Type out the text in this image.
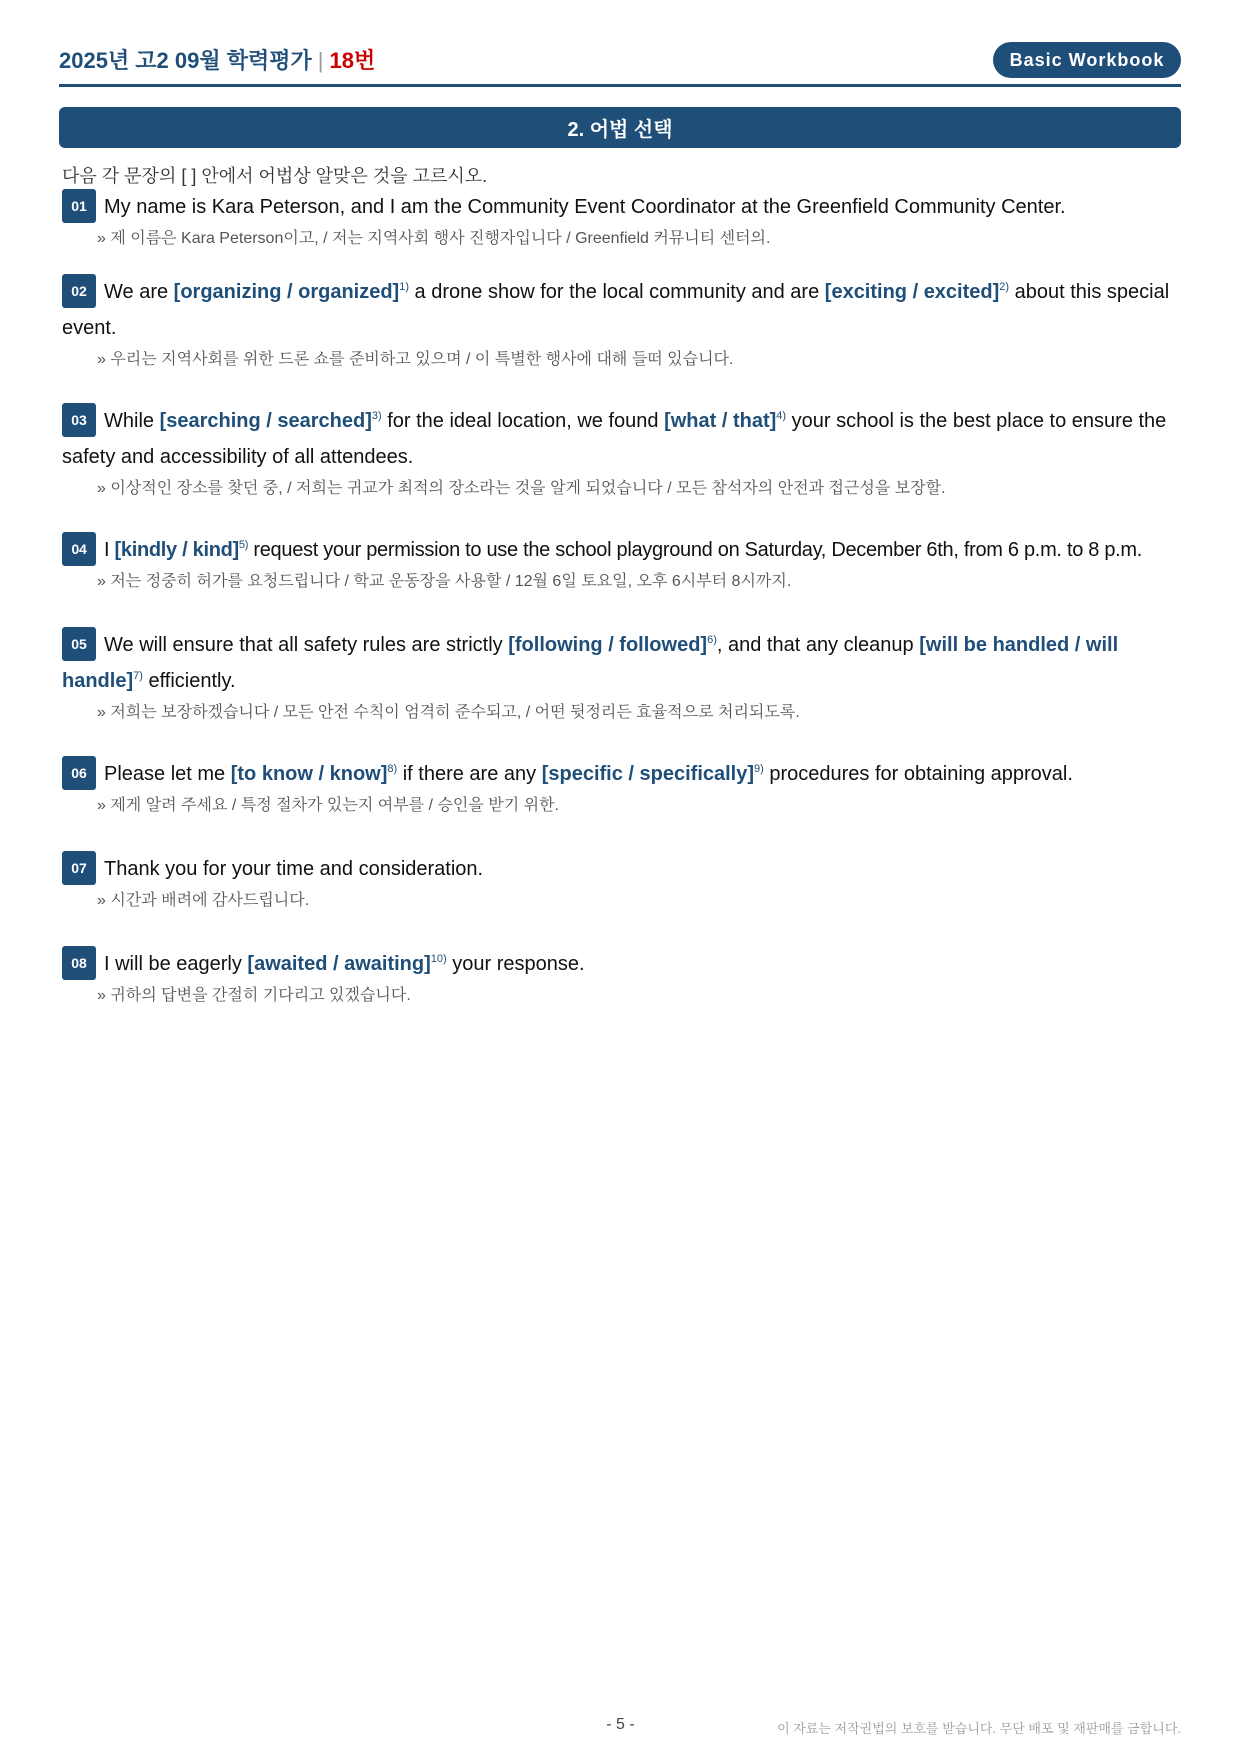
2025년 고2 09월 학력평가 | 18번	Basic Workbook
2. 어법 선택
다음 각 문장의 [ ] 안에서 어법상 알맞은 것을 고르시오.
01 My name is Kara Peterson, and I am the Community Event Coordinator at the Greenfield Community Center.
» 제 이름은 Kara Peterson이고, / 저는 지역사회 행사 진행자입니다 / Greenfield 커뮤니티 센터의.
02 We are [organizing / organized]$^{1)}$ a drone show for the local community and are [exciting / excited]$^{2)}$ about this special event.
» 우리는 지역사회를 위한 드론 쇼를 준비하고 있으며 / 이 특별한 행사에 대해 들떠 있습니다.
03 While [searching / searched]$^{3)}$ for the ideal location, we found [what / that]$^{4)}$ your school is the best place to ensure the safety and accessibility of all attendees.
» 이상적인 장소를 찾던 중, / 저희는 귀교가 최적의 장소라는 것을 알게 되었습니다 / 모든 참석자의 안전과 접근성을 보장할.
04 I [kindly / kind]$^{5)}$ request your permission to use the school playground on Saturday, December 6th, from 6 p.m. to 8 p.m.
» 저는 정중히 허가를 요청드립니다 / 학교 운동장을 사용할 / 12월 6일 토요일, 오후 6시부터 8시까지.
05 We will ensure that all safety rules are strictly [following / followed]$^{6)}$, and that any cleanup [will be handled / will handle]$^{7)}$ efficiently.
» 저희는 보장하겠습니다 / 모든 안전 수칙이 엄격히 준수되고, / 어떤 뒷정리든 효율적으로 처리되도록.
06 Please let me [to know / know]$^{8)}$ if there are any [specific / specifically]$^{9)}$ procedures for obtaining approval.
» 제게 알려 주세요 / 특정 절차가 있는지 여부를 / 승인을 받기 위한.
07 Thank you for your time and consideration.
» 시간과 배려에 감사드립니다.
08 I will be eagerly [awaited / awaiting]$^{10)}$ your response.
» 귀하의 답변을 간절히 기다리고 있겠습니다.
- 5 -	이 자료는 저작권법의 보호를 받습니다. 무단 배포 및 재판매를 금합니다.
